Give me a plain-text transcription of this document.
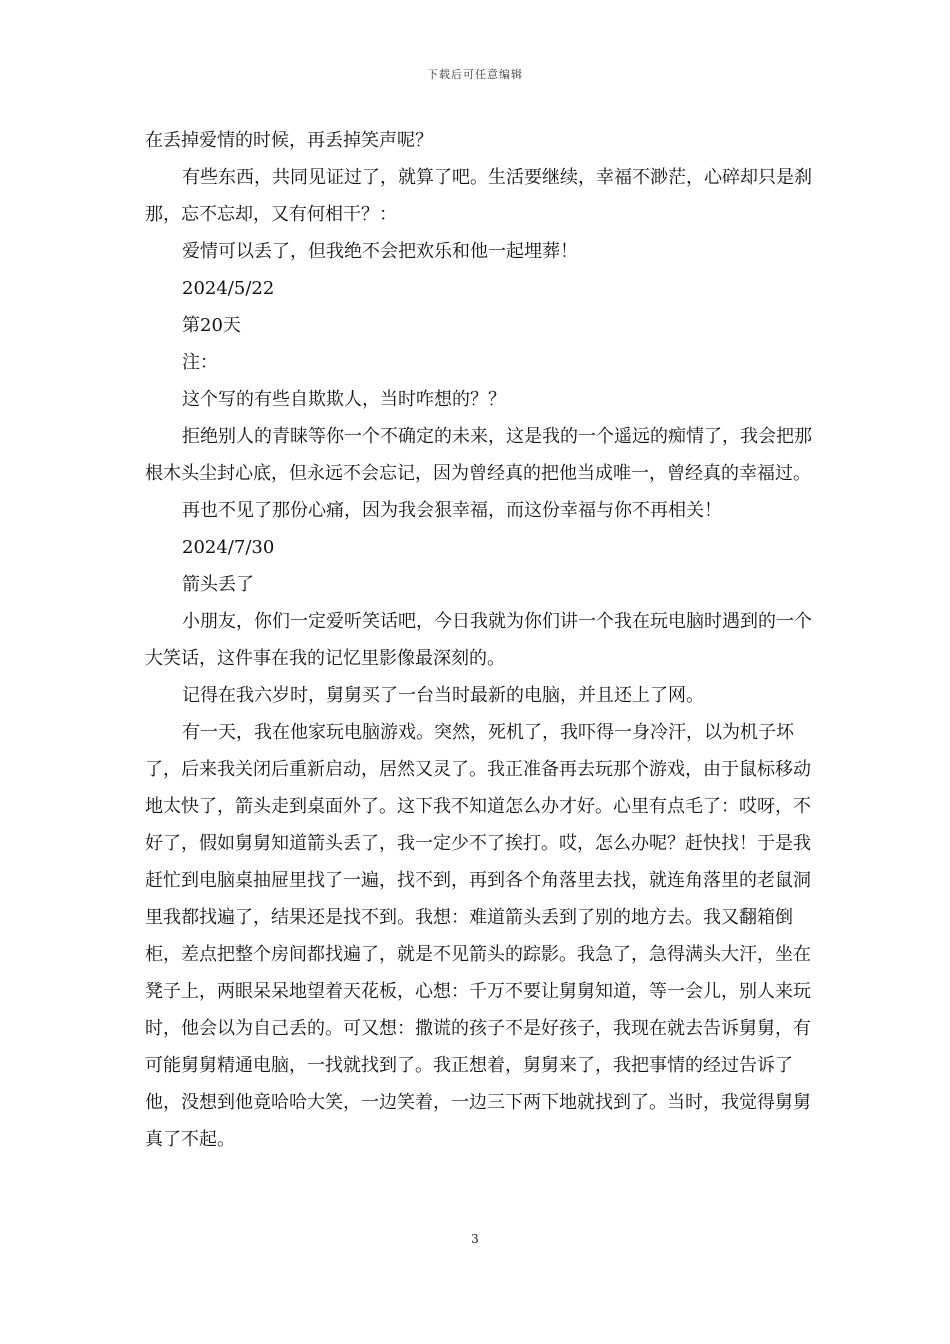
下载后可任意编辑

在丢掉爱情的时候，再丢掉笑声呢？

有些东西，共同见证过了，就算了吧。生活要继续，幸福不渺茫，心碎却只是刹那，忘不忘却，又有何相干？：

爱情可以丢了，但我绝不会把欢乐和他一起埋葬！

2024/5/22

第20天

注：

这个写的有些自欺欺人，当时咋想的？？

拒绝别人的青睐等你一个不确定的未来，这是我的一个遥远的痴情了，我会把那根木头尘封心底，但永远不会忘记，因为曾经真的把他当成唯一，曾经真的幸福过。

再也不见了那份心痛，因为我会狠幸福，而这份幸福与你不再相关！

2024/7/30

箭头丢了

小朋友，你们一定爱听笑话吧，今日我就为你们讲一个我在玩电脑时遇到的一个大笑话，这件事在我的记忆里影像最深刻的。

记得在我六岁时，舅舅买了一台当时最新的电脑，并且还上了网。

有一天，我在他家玩电脑游戏。突然，死机了，我吓得一身冷汗，以为机子坏了，后来我关闭后重新启动，居然又灵了。我正准备再去玩那个游戏，由于鼠标移动地太快了，箭头走到桌面外了。这下我不知道怎么办才好。心里有点毛了：哎呀，不好了，假如舅舅知道箭头丢了，我一定少不了挨打。哎，怎么办呢？赶快找！于是我赶忙到电脑桌抽屉里找了一遍，找不到，再到各个角落里去找，就连角落里的老鼠洞里我都找遍了，结果还是找不到。我想：难道箭头丢到了别的地方去。我又翻箱倒柜，差点把整个房间都找遍了，就是不见箭头的踪影。我急了，急得满头大汗，坐在凳子上，两眼呆呆地望着天花板，心想：千万不要让舅舅知道，等一会儿，别人来玩时，他会以为自己丢的。可又想：撒谎的孩子不是好孩子，我现在就去告诉舅舅，有可能舅舅精通电脑，一找就找到了。我正想着，舅舅来了，我把事情的经过告诉了他，没想到他竟哈哈大笑，一边笑着，一边三下两下地就找到了。当时，我觉得舅舅真了不起。

3
